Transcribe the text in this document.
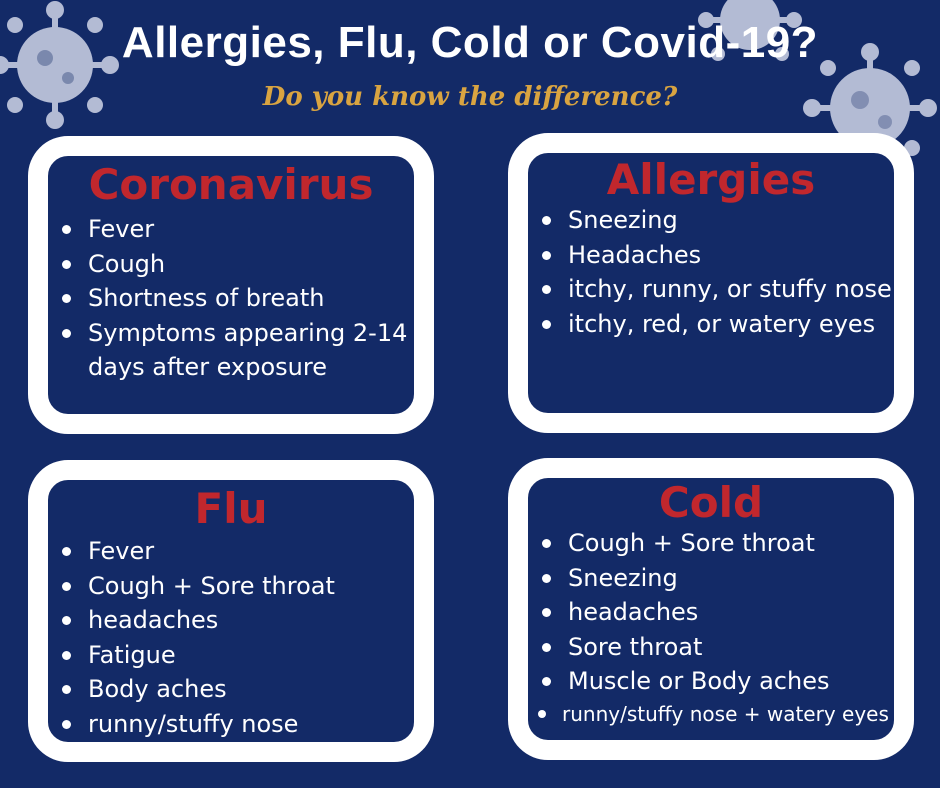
Allergies, Flu, Cold or Covid-19?
Do you know the difference?
Coronavirus
Fever
Cough
Shortness of breath
Symptoms appearing 2-14 days after exposure
Allergies
Sneezing
Headaches
itchy, runny, or stuffy nose
itchy, red, or watery eyes
Flu
Fever
Cough + Sore throat
headaches
Fatigue
Body aches
runny/stuffy nose
Cold
Cough + Sore throat
Sneezing
headaches
Sore throat
Muscle or Body aches
runny/stuffy nose + watery eyes
